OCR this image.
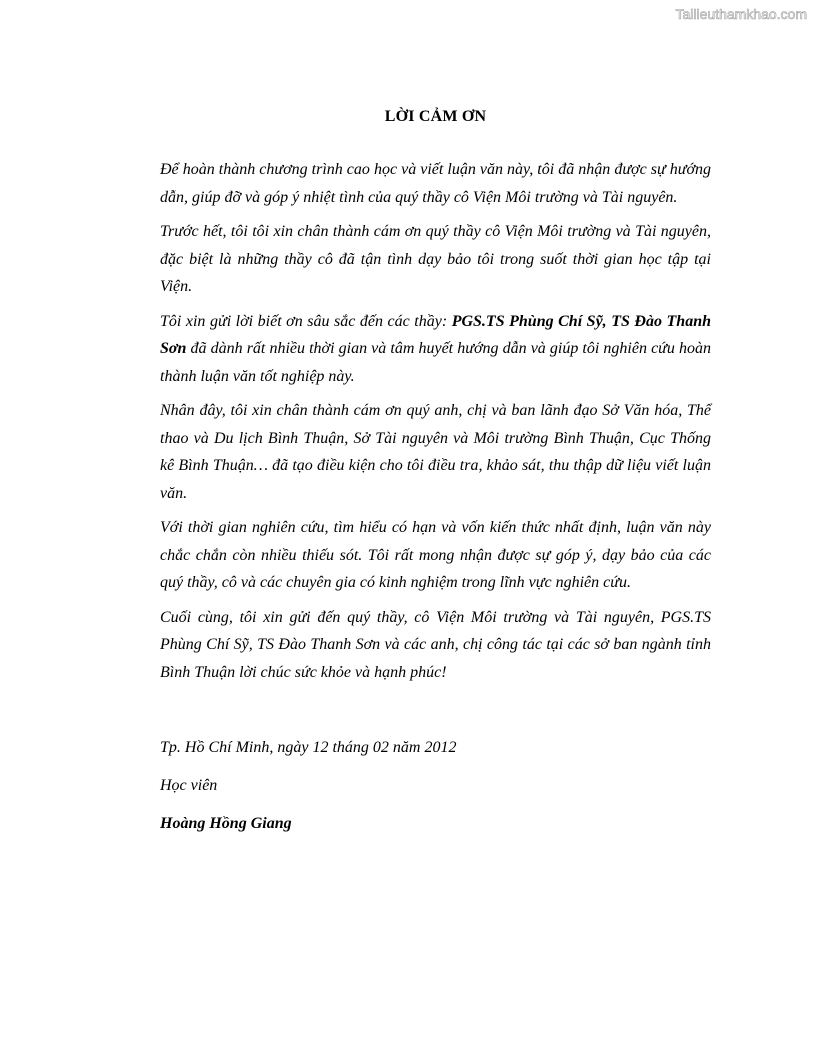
Tailieuthamkhao.com
LỜI CẢM ƠN

Để hoàn thành chương trình cao học và viết luận văn này, tôi đã nhận được sự hướng dẫn, giúp đỡ và góp ý nhiệt tình của quý thầy cô Viện Môi trường và Tài nguyên.

Trước hết, tôi tôi xin chân thành cám ơn quý thầy cô Viện Môi trường và Tài nguyên, đặc biệt là những thầy cô đã tận tình dạy bảo tôi trong suốt thời gian học tập tại Viện.

Tôi xin gửi lời biết ơn sâu sắc đến các thầy: PGS.TS Phùng Chí Sỹ, TS Đào Thanh Sơn đã dành rất nhiều thời gian và tâm huyết hướng dẫn và giúp tôi nghiên cứu hoàn thành luận văn tốt nghiệp này.

Nhân đây, tôi xin chân thành cám ơn quý anh, chị và ban lãnh đạo Sở Văn hóa, Thể thao và Du lịch Bình Thuận, Sở Tài nguyên và Môi trường Bình Thuận, Cục Thống kê Bình Thuận… đã tạo điều kiện cho tôi điều tra, khảo sát, thu thập dữ liệu viết luận văn.

Với thời gian nghiên cứu, tìm hiểu có hạn và vốn kiến thức nhất định, luận văn này chắc chắn còn nhiều thiếu sót. Tôi rất mong nhận được sự góp ý, dạy bảo của các quý thầy, cô và các chuyên gia có kinh nghiệm trong lĩnh vực nghiên cứu.

Cuối cùng, tôi xin gửi đến quý thầy, cô Viện Môi trường và Tài nguyên, PGS.TS Phùng Chí Sỹ, TS Đào Thanh Sơn và các anh, chị công tác tại các sở ban ngành tỉnh Bình Thuận lời chúc sức khỏe và hạnh phúc!

Tp. Hồ Chí Minh, ngày 12 tháng 02 năm 2012

Học viên

Hoàng Hồng Giang
